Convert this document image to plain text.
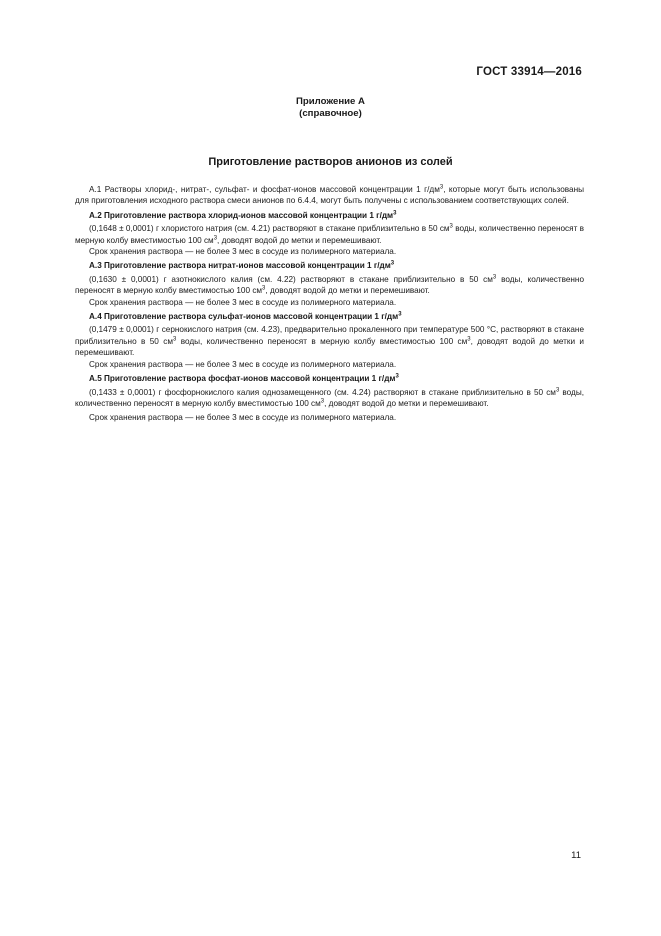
ГОСТ 33914—2016
Приложение А
(справочное)
Приготовление растворов анионов из солей

А.1 Растворы хлорид-, нитрат-, сульфат- и фосфат-ионов массовой концентрации 1 $г/дм^3$, которые могут быть использованы для приготовления исходного раствора смеси анионов по 6.4.4, могут быть получены с использованием соответствующих солей.

А.2 Приготовление раствора хлорид-ионов массовой концентрации 1 $г/дм^3$

(0,1648 ± 0,0001) г хлористого натрия (см. 4.21) растворяют в стакане приблизительно в 50 $см^3$ воды, количественно переносят в мерную колбу вместимостью 100 $см^3$, доводят водой до метки и перемешивают.

Срок хранения раствора — не более 3 мес в сосуде из полимерного материала.

А.3 Приготовление раствора нитрат-ионов массовой концентрации 1 $г/дм^3$

(0,1630 ± 0,0001) г азотнокислого калия (см. 4.22) растворяют в стакане приблизительно в 50 $см^3$ воды, количественно переносят в мерную колбу вместимостью 100 $см^3$, доводят водой до метки и перемешивают.

Срок хранения раствора — не более 3 мес в сосуде из полимерного материала.

А.4 Приготовление раствора сульфат-ионов массовой концентрации 1 $г/дм^3$

(0,1479 ± 0,0001) г сернокислого натрия (см. 4.23), предварительно прокаленного при температуре 500 °С, растворяют в стакане приблизительно в 50 $см^3$ воды, количественно переносят в мерную колбу вместимостью 100 $см^3$, доводят водой до метки и перемешивают.

Срок хранения раствора — не более 3 мес в сосуде из полимерного материала.

А.5 Приготовление раствора фосфат-ионов массовой концентрации 1 $г/дм^3$

(0,1433 ± 0,0001) г фосфорнокислого калия однозамещенного (см. 4.24) растворяют в стакане приблизительно в 50 $см^3$ воды, количественно переносят в мерную колбу вместимостью 100 $см^3$, доводят водой до метки и перемешивают.

Срок хранения раствора — не более 3 мес в сосуде из полимерного материала.

11
